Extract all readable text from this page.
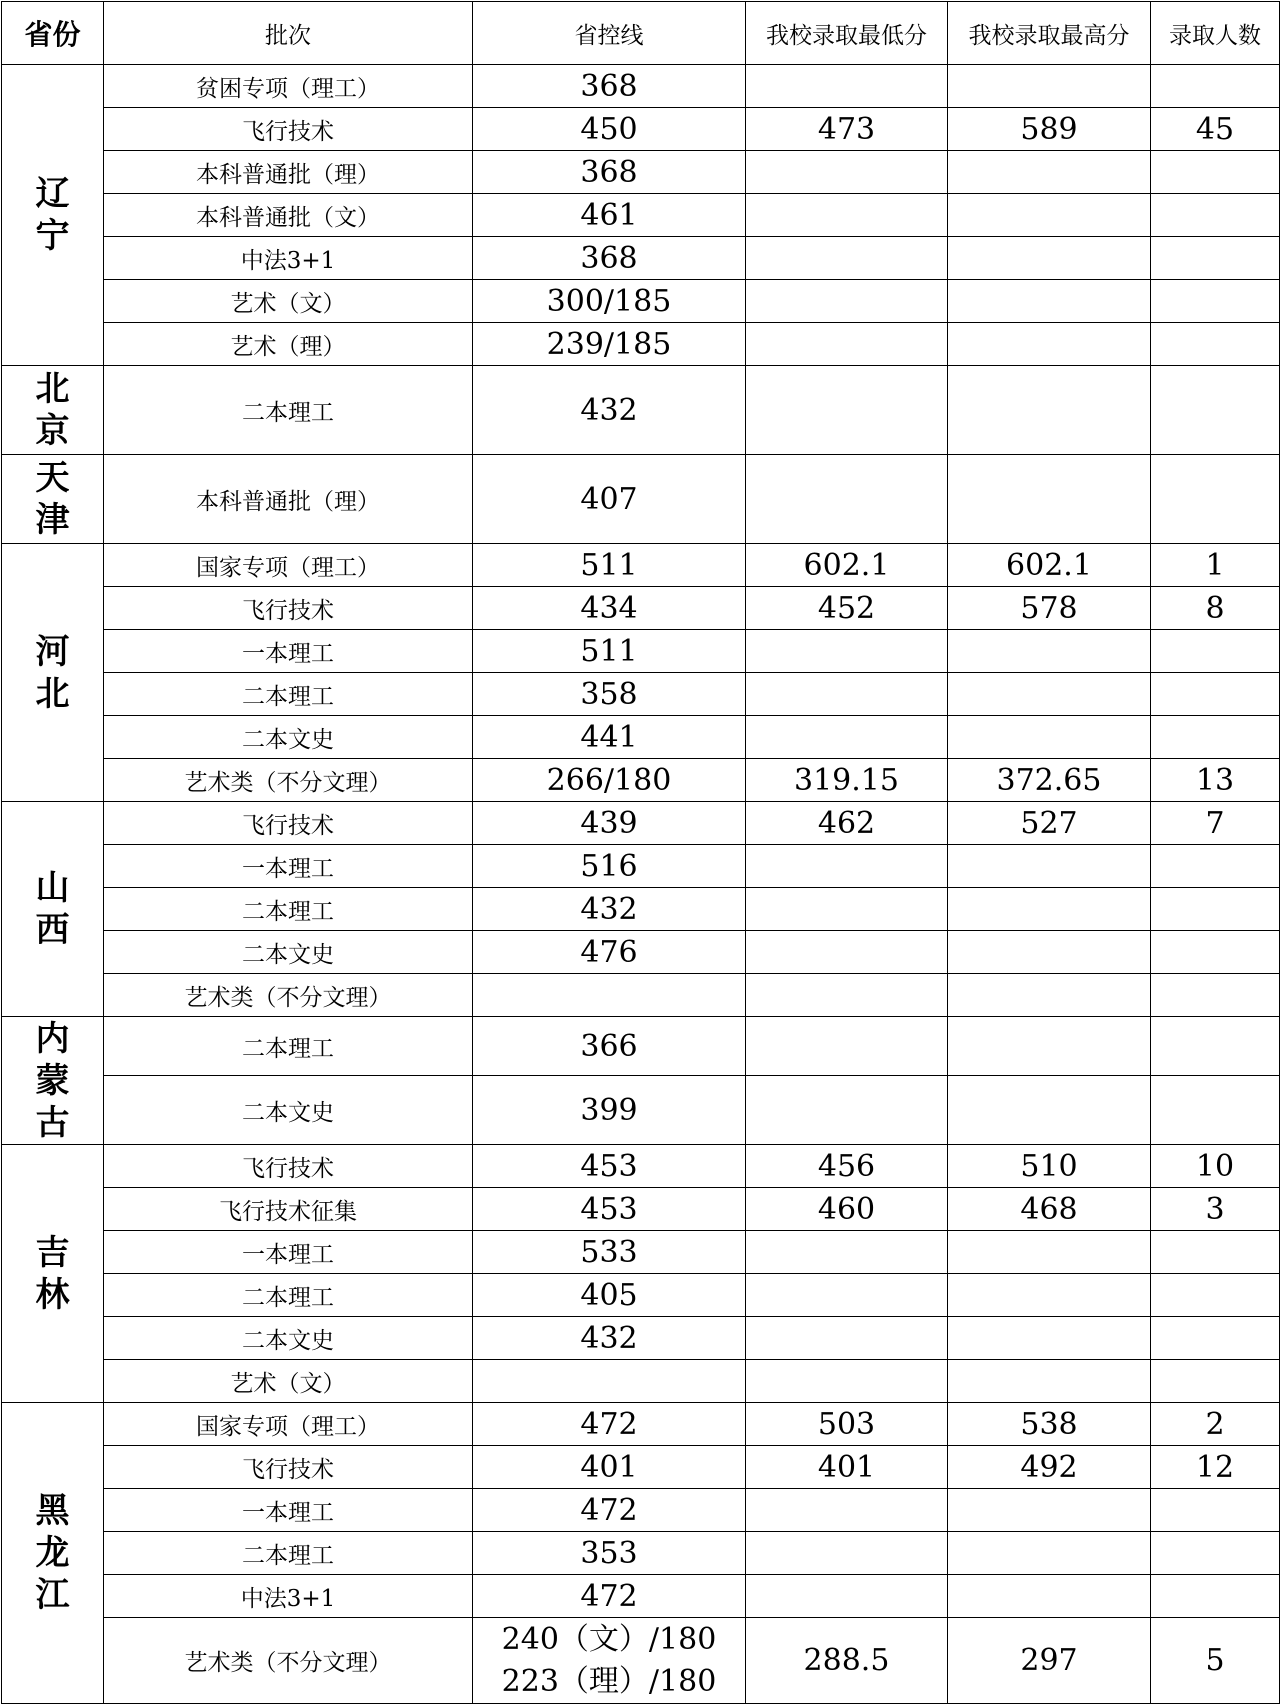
省份	批次	省控线	我校录取最低分	我校录取最高分	录取人数
辽
宁	贫困专项（理工）	368			
	飞行技术	450	473	589	45
	本科普通批（理）	368			
	本科普通批（文）	461			
	中法3+1	368			
	艺术（文）	300/185			
	艺术（理）	239/185			
北
京	二本理工	432			
天
津	本科普通批（理）	407			
河
北	国家专项（理工）	511	602.1	602.1	1
	飞行技术	434	452	578	8
	一本理工	511			
	二本理工	358			
	二本文史	441			
	艺术类（不分文理）	266/180	319.15	372.65	13
山
西	飞行技术	439	462	527	7
	一本理工	516			
	二本理工	432			
	二本文史	476			
	艺术类（不分文理）				
内
蒙
古	二本理工	366			
	二本文史	399			
吉
林	飞行技术	453	456	510	10
	飞行技术征集	453	460	468	3
	一本理工	533			
	二本理工	405			
	二本文史	432			
	艺术（文）				
黑
龙
江	国家专项（理工）	472	503	538	2
	飞行技术	401	401	492	12
	一本理工	472			
	二本理工	353			
	中法3+1	472			
	艺术类（不分文理）	240（文）/180
223（理）/180	288.5	297	5
